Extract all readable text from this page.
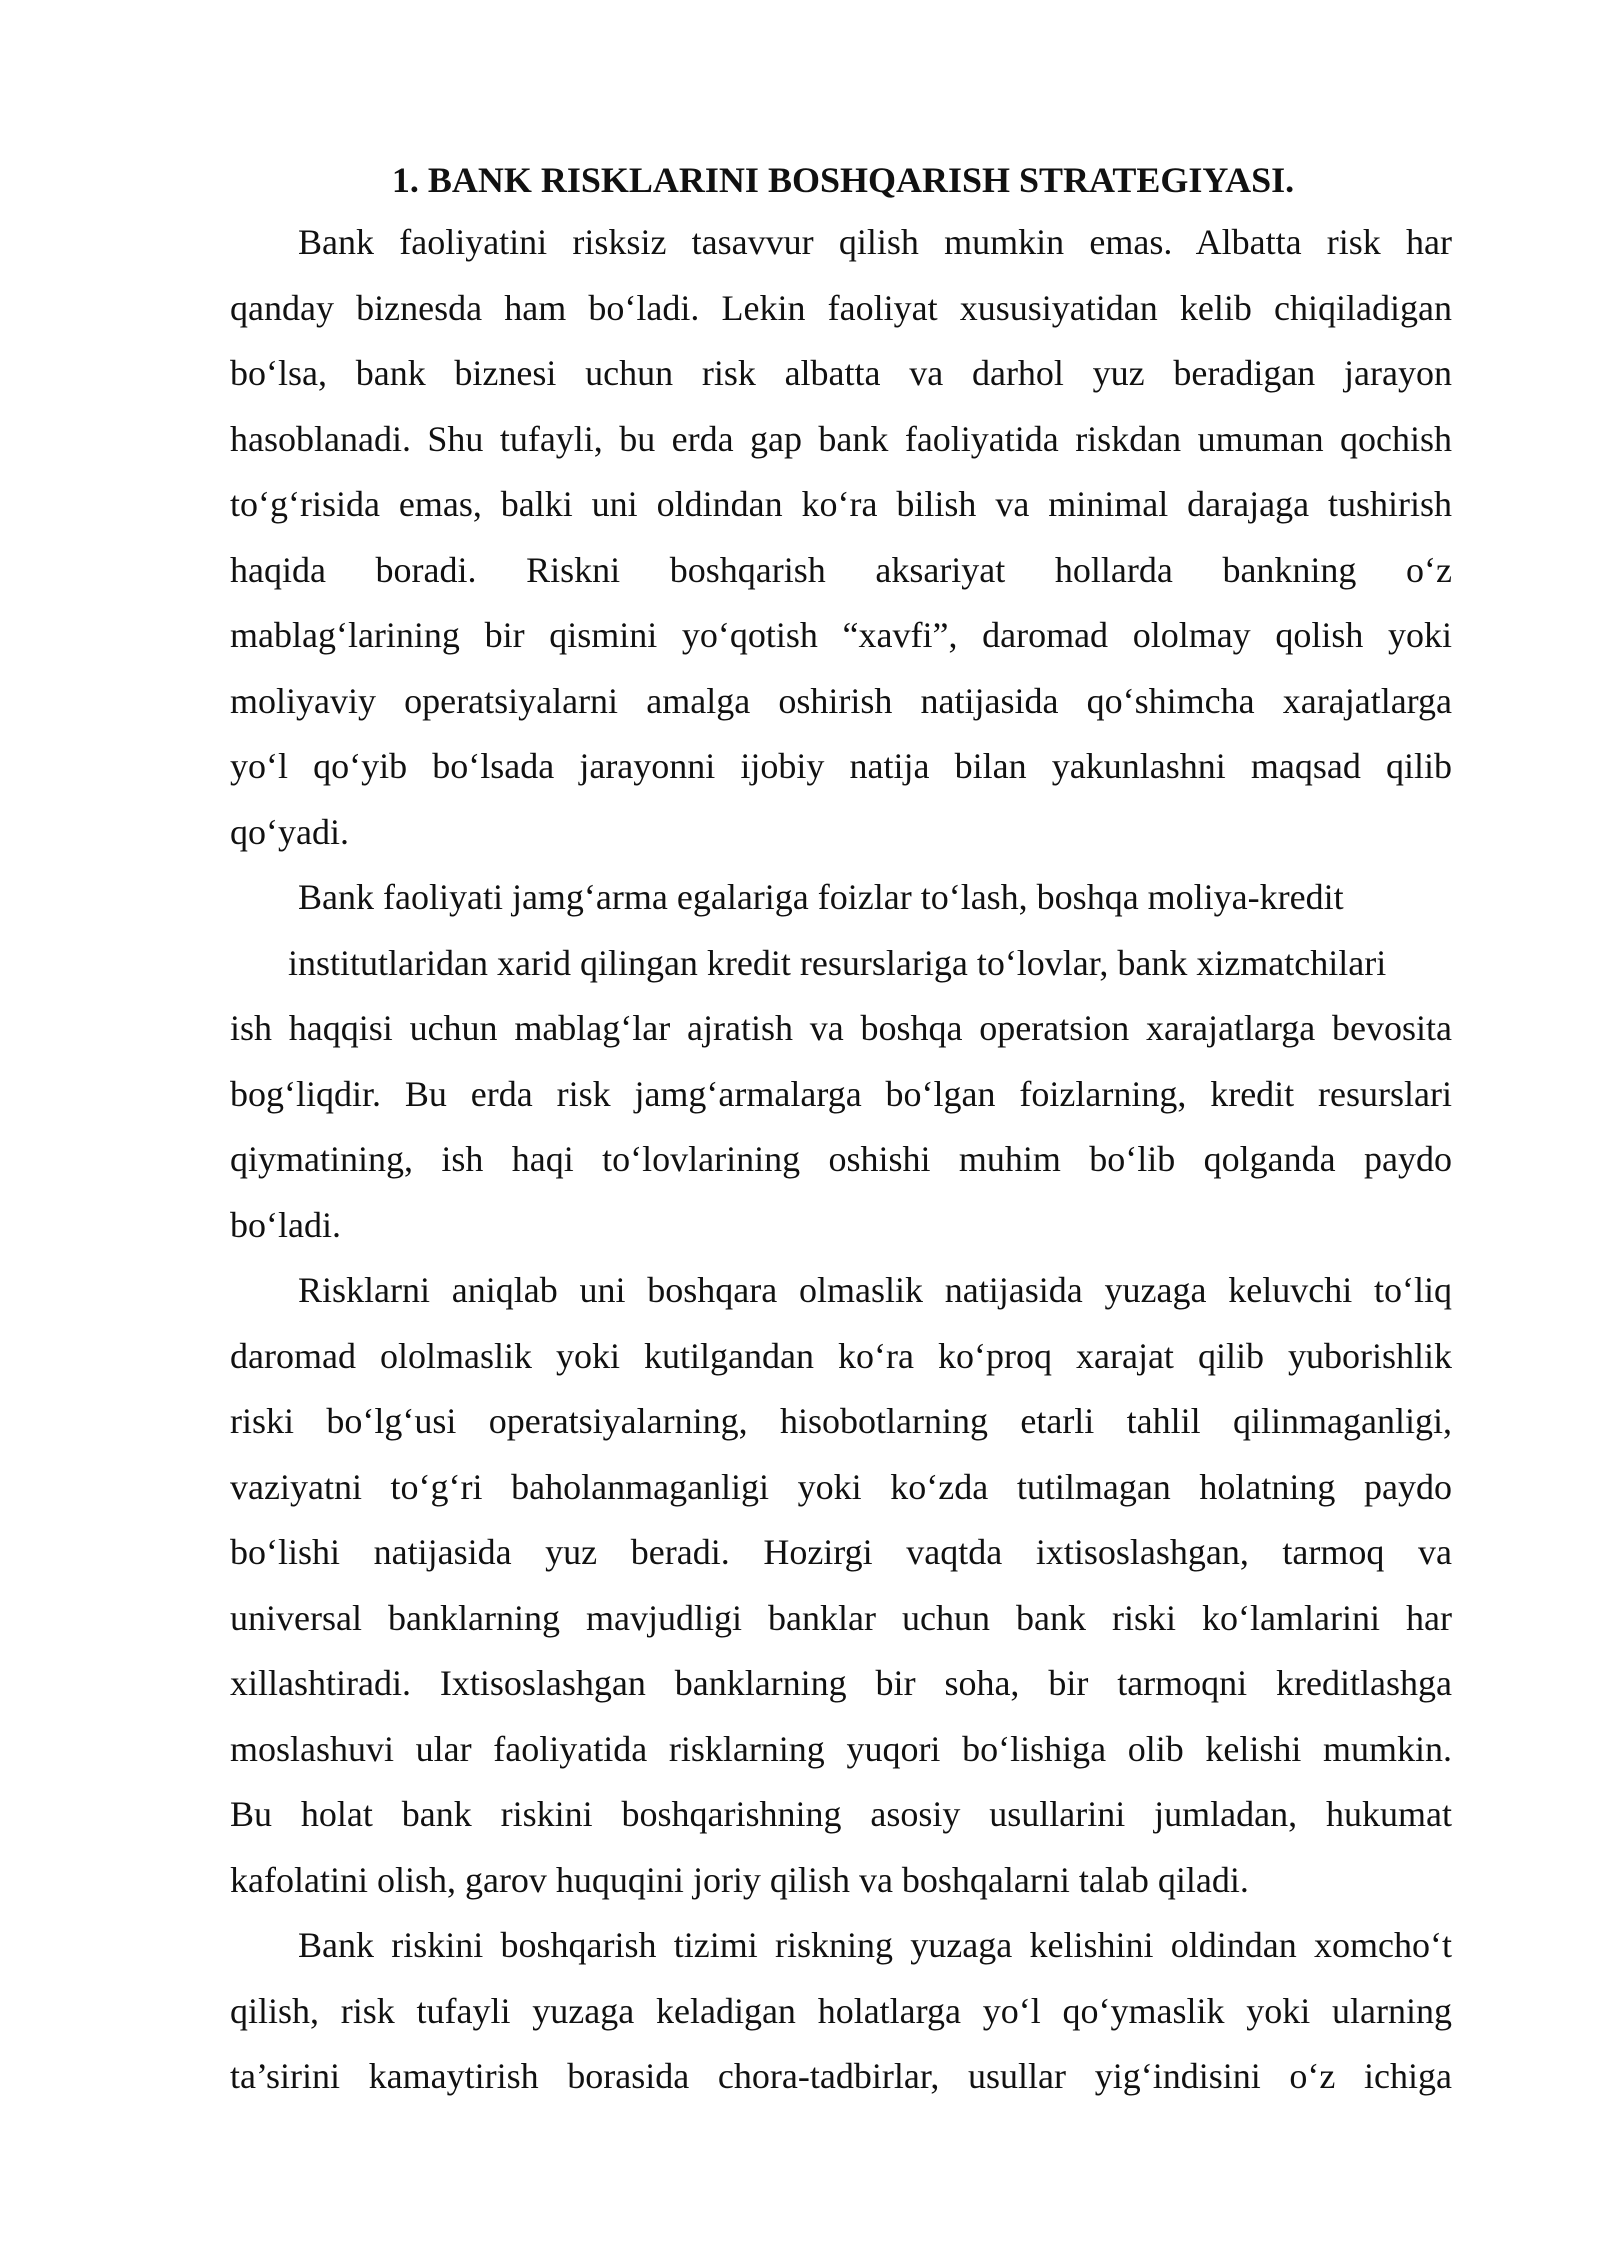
1. BANK RISKLARINI BOSHQARISH STRATEGIYASI.
Bank faoliyatini risksiz tasavvur qilish mumkin emas. Albatta risk har
qanday biznesda ham bo‘ladi. Lekin faoliyat xususiyatidan kelib chiqiladigan
bo‘lsa, bank biznesi uchun risk albatta va darhol yuz beradigan jarayon
hasoblanadi. Shu tufayli, bu erda gap bank faoliyatida riskdan umuman qochish
to‘g‘risida emas, balki uni oldindan ko‘ra bilish va minimal darajaga tushirish
haqida boradi. Riskni boshqarish aksariyat hollarda bankning o‘z
mablag‘larining bir qismini yo‘qotish “xavfi”, daromad ololmay qolish yoki
moliyaviy operatsiyalarni amalga oshirish natijasida qo‘shimcha xarajatlarga
yo‘l qo‘yib bo‘lsada jarayonni ijobiy natija bilan yakunlashni maqsad qilib
qo‘yadi.
Bank faoliyati jamg‘arma egalariga foizlar to‘lash, boshqa moliya-kredit
institutlaridan xarid qilingan kredit resurslariga to‘lovlar, bank xizmatchilari
ish haqqisi uchun mablag‘lar ajratish va boshqa operatsion xarajatlarga bevosita
bog‘liqdir. Bu erda risk jamg‘armalarga bo‘lgan foizlarning, kredit resurslari
qiymatining, ish haqi to‘lovlarining oshishi muhim bo‘lib qolganda paydo
bo‘ladi.
Risklarni aniqlab uni boshqara olmaslik natijasida yuzaga keluvchi to‘liq
daromad ololmaslik yoki kutilgandan ko‘ra ko‘proq xarajat qilib yuborishlik
riski bo‘lg‘usi operatsiyalarning, hisobotlarning etarli tahlil qilinmaganligi,
vaziyatni to‘g‘ri baholanmaganligi yoki ko‘zda tutilmagan holatning paydo
bo‘lishi natijasida yuz beradi. Hozirgi vaqtda ixtisoslashgan, tarmoq va
universal banklarning mavjudligi banklar uchun bank riski ko‘lamlarini har
xillashtiradi. Ixtisoslashgan banklarning bir soha, bir tarmoqni kreditlashga
moslashuvi ular faoliyatida risklarning yuqori bo‘lishiga olib kelishi mumkin.
Bu holat bank riskini boshqarishning asosiy usullarini jumladan, hukumat
kafolatini olish, garov huquqini joriy qilish va boshqalarni talab qiladi.
Bank riskini boshqarish tizimi riskning yuzaga kelishini oldindan xomcho‘t
qilish, risk tufayli yuzaga keladigan holatlarga yo‘l qo‘ymaslik yoki ularning
ta’sirini kamaytirish borasida chora-tadbirlar, usullar yig‘indisini o‘z ichiga
